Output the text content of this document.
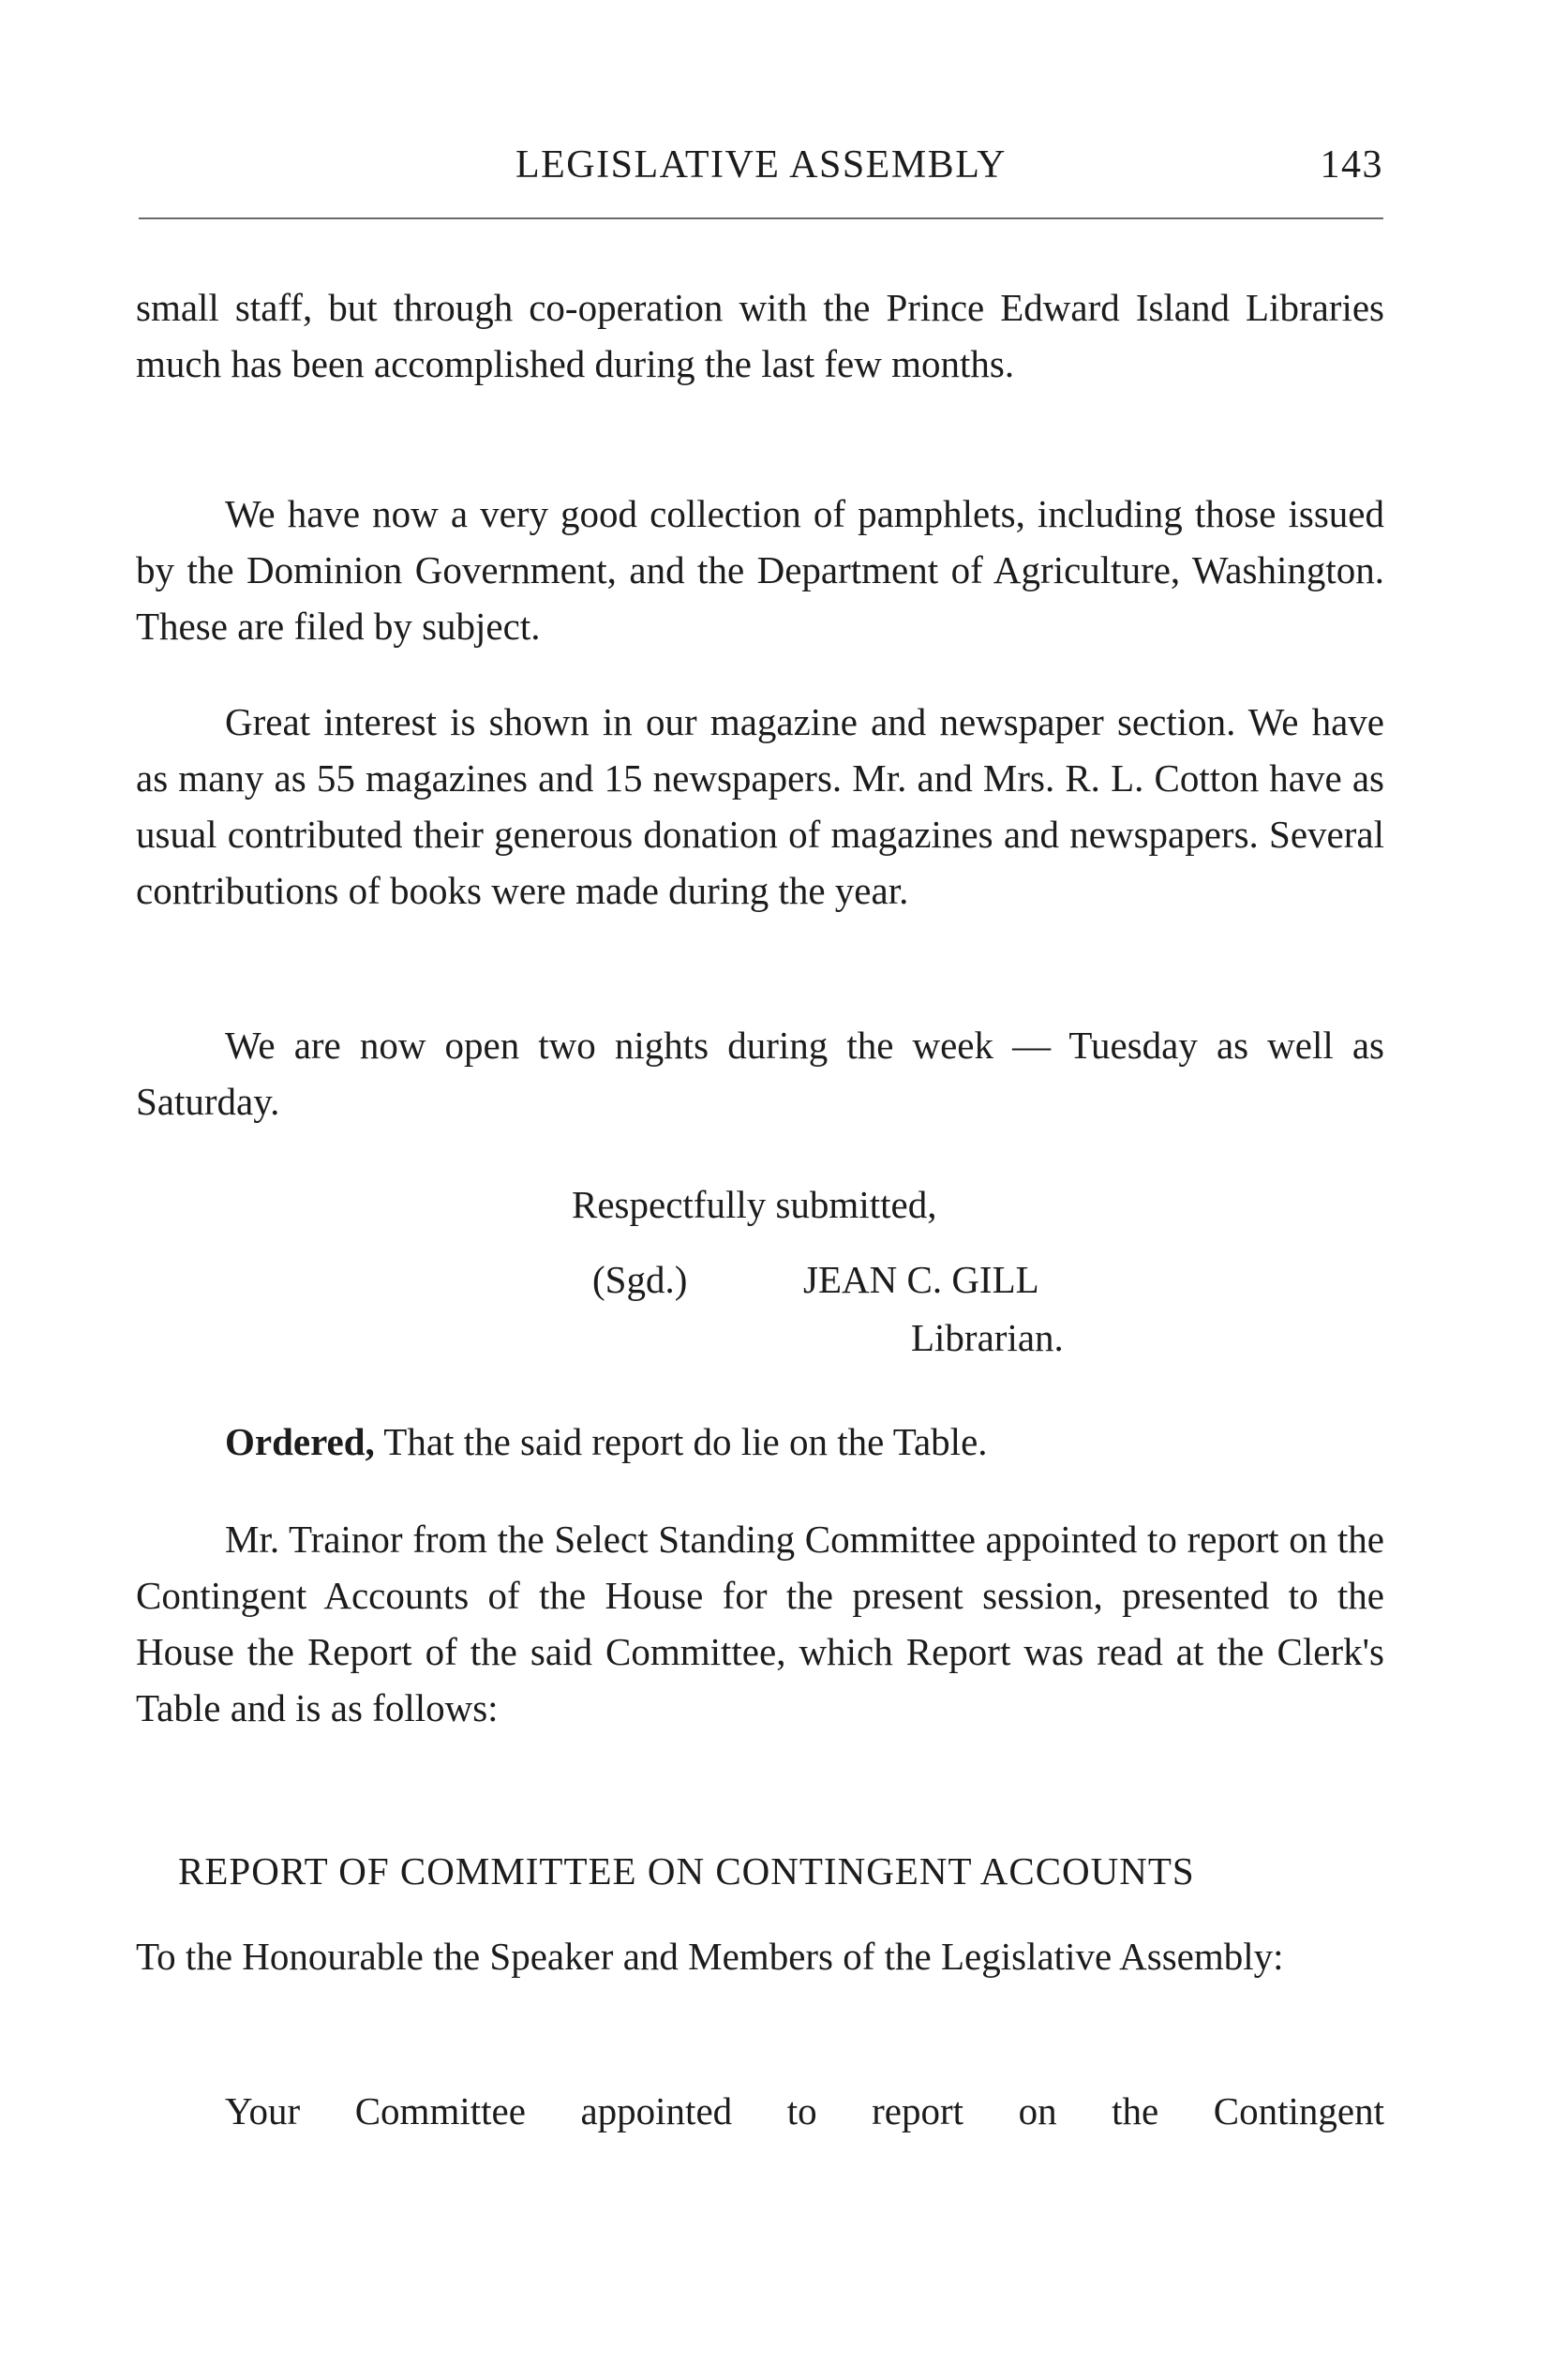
LEGISLATIVE ASSEMBLY	143

small staff, but through co-operation with the Prince Edward Island Libraries much has been accomplished during the last few months.

We have now a very good collection of pamphlets, including those issued by the Dominion Government, and the Department of Agriculture, Washington. These are filed by subject.

Great interest is shown in our magazine and newspaper section. We have as many as 55 magazines and 15 newspapers. Mr. and Mrs. R. L. Cotton have as usual contributed their generous donation of magazines and newspapers. Several contributions of books were made during the year.

We are now open two nights during the week — Tuesday as well as Saturday.

Respectfully submitted,

(Sgd.)	JEAN C. GILL
Librarian.

Ordered, That the said report do lie on the Table.

Mr. Trainor from the Select Standing Committee appointed to report on the Contingent Accounts of the House for the present session, presented to the House the Report of the said Committee, which Report was read at the Clerk's Table and is as follows:

REPORT OF COMMITTEE ON CONTINGENT ACCOUNTS

To the Honourable the Speaker and Members of the Legislative Assembly:

Your Committee appointed to report on the Contingent
